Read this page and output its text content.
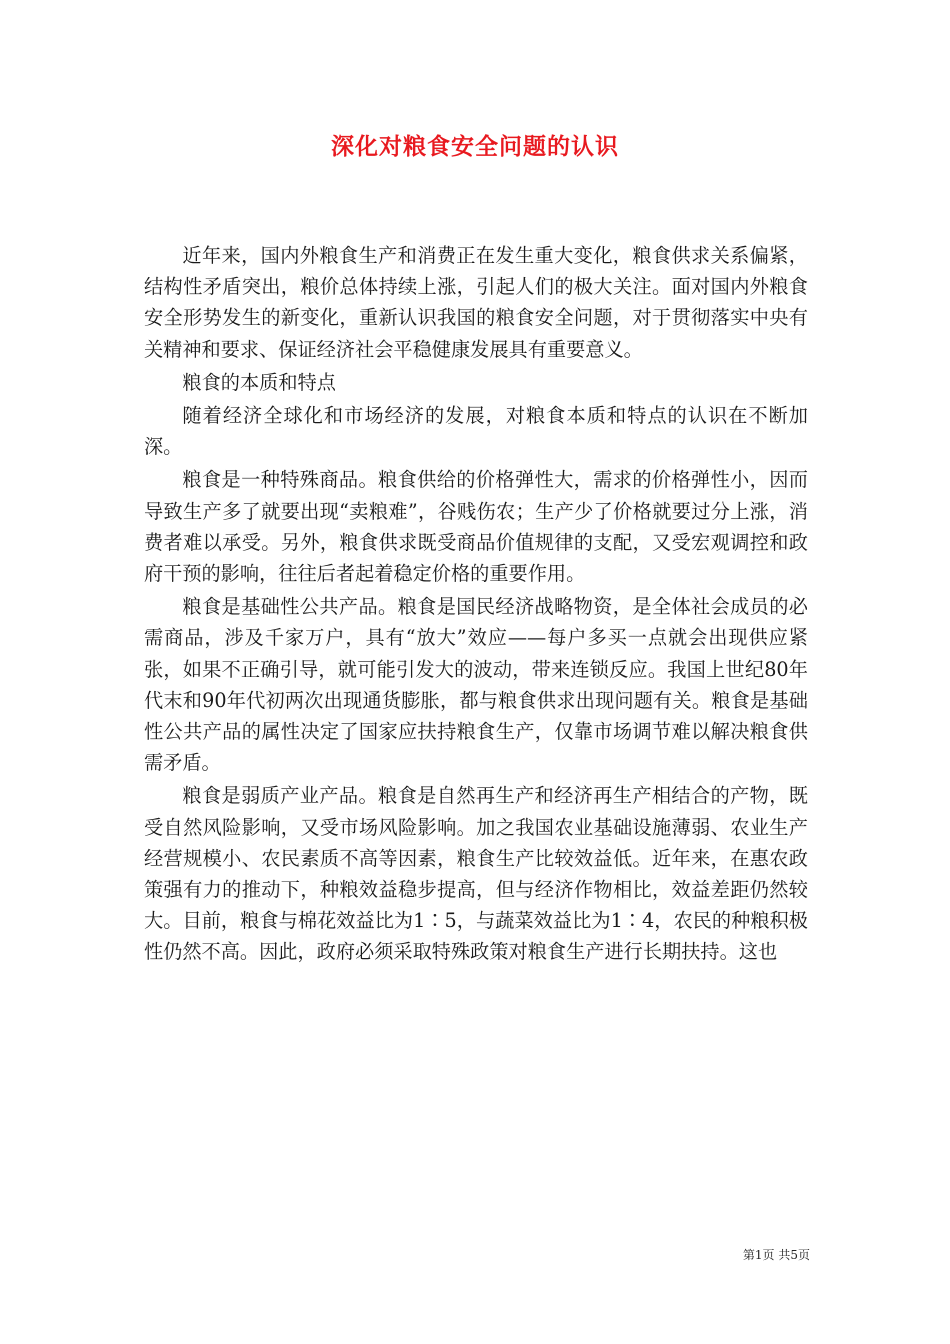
深化对粮食安全问题的认识

近年来，国内外粮食生产和消费正在发生重大变化，粮食供求关系偏紧，结构性矛盾突出，粮价总体持续上涨，引起人们的极大关注。面对国内外粮食安全形势发生的新变化，重新认识我国的粮食安全问题，对于贯彻落实中央有关精神和要求、保证经济社会平稳健康发展具有重要意义。

粮食的本质和特点

随着经济全球化和市场经济的发展，对粮食本质和特点的认识在不断加深。

粮食是一种特殊商品。粮食供给的价格弹性大，需求的价格弹性小，因而导致生产多了就要出现“卖粮难”，谷贱伤农；生产少了价格就要过分上涨，消费者难以承受。另外，粮食供求既受商品价值规律的支配，又受宏观调控和政府干预的影响，往往后者起着稳定价格的重要作用。

粮食是基础性公共产品。粮食是国民经济战略物资，是全体社会成员的必需商品，涉及千家万户，具有“放大”效应——每户多买一点就会出现供应紧张，如果不正确引导，就可能引发大的波动，带来连锁反应。我国上世纪80年代末和90年代初两次出现通货膨胀，都与粮食供求出现问题有关。粮食是基础性公共产品的属性决定了国家应扶持粮食生产，仅靠市场调节难以解决粮食供需矛盾。

粮食是弱质产业产品。粮食是自然再生产和经济再生产相结合的产物，既受自然风险影响，又受市场风险影响。加之我国农业基础设施薄弱、农业生产经营规模小、农民素质不高等因素，粮食生产比较效益低。近年来，在惠农政策强有力的推动下，种粮效益稳步提高，但与经济作物相比，效益差距仍然较大。目前，粮食与棉花效益比为1∶5，与蔬菜效益比为1∶4，农民的种粮积极性仍然不高。因此，政府必须采取特殊政策对粮食生产进行长期扶持。这也

第1页 共5页
